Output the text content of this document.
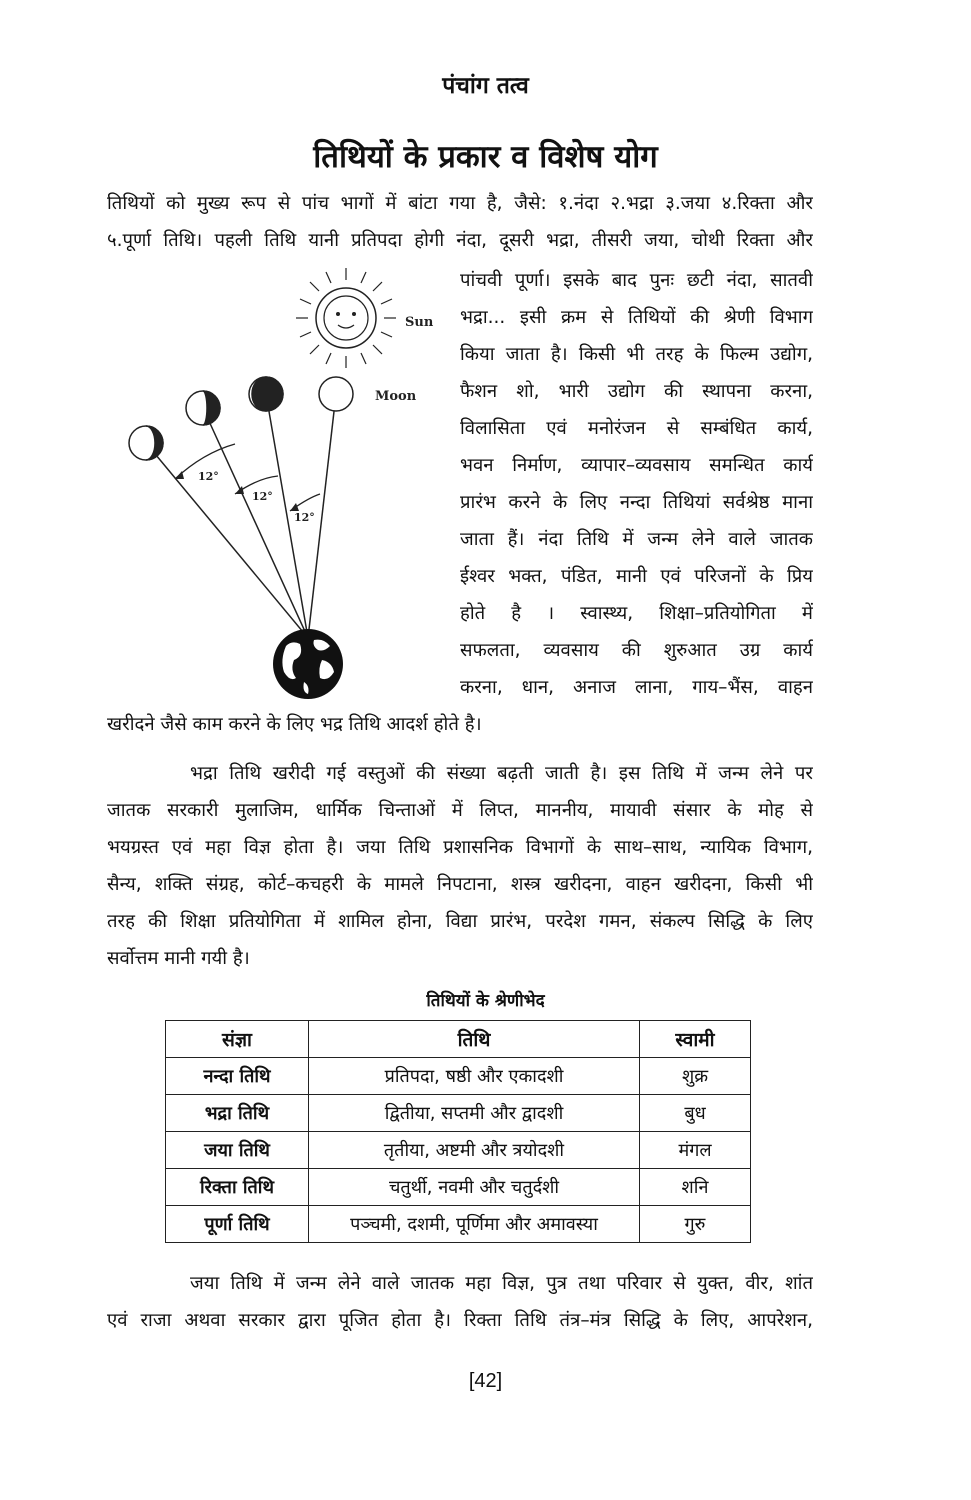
पंचांग तत्व
तिथियों के प्रकार व विशेष योग
तिथियों को मुख्य रूप से पांच भागों में बांटा गया है, जैसे: १.नंदा २.भद्रा ३.जया ४.रिक्ता और
५.पूर्णा तिथि। पहली तिथि यानी प्रतिपदा होगी नंदा, दूसरी भद्रा, तीसरी जया, चोथी रिक्ता और
पांचवी पूर्णा। इसके बाद पुनः छटी नंदा, सातवी
भद्रा... इसी क्रम से तिथियों की श्रेणी विभाग
किया जाता है। किसी भी तरह के फिल्म उद्योग,
फैशन शो, भारी उद्योग की स्थापना करना,
विलासिता एवं मनोरंजन से सम्बंधित कार्य,
भवन निर्माण, व्यापार–व्यवसाय समन्धित कार्य
प्रारंभ करने के लिए नन्दा तिथियां सर्वश्रेष्ठ माना
जाता हैं। नंदा तिथि में जन्म लेने वाले जातक
ईश्वर भक्त, पंडित, मानी एवं परिजनों के प्रिय
होते है । स्वास्थ्य, शिक्षा–प्रतियोगिता में
सफलता, व्यवसाय की शुरुआत उग्र कार्य
करना, धान, अनाज लाना, गाय–भैंस, वाहन
खरीदने जैसे काम करने के लिए भद्र तिथि आदर्श होते है।
Sun
Moon
12°
12°
12°
भद्रा तिथि खरीदी गई वस्तुओं की संख्या बढ़ती जाती है। इस तिथि में जन्म लेने पर
जातक सरकारी मुलाजिम, धार्मिक चिन्ताओं में लिप्त, माननीय, मायावी संसार के मोह से
भयग्रस्त एवं महा विज्ञ होता है। जया तिथि प्रशासनिक विभागों के साथ–साथ, न्यायिक विभाग,
सैन्य, शक्ति संग्रह, कोर्ट–कचहरी के मामले निपटाना, शस्त्र खरीदना, वाहन खरीदना, किसी भी
तरह की शिक्षा प्रतियोगिता में शामिल होना, विद्या प्रारंभ, परदेश गमन, संकल्प सिद्धि के लिए
सर्वोत्तम मानी गयी है।
तिथियों के श्रेणीभेद
संज्ञा	तिथि	स्वामी
नन्दा तिथि	प्रतिपदा, षष्ठी और एकादशी	शुक्र
भद्रा तिथि	द्वितीया, सप्तमी और द्वादशी	बुध
जया तिथि	तृतीया, अष्टमी और त्रयोदशी	मंगल
रिक्ता तिथि	चतुर्थी, नवमी और चतुर्दशी	शनि
पूर्णा तिथि	पञ्चमी, दशमी, पूर्णिमा और अमावस्या	गुरु
जया तिथि में जन्म लेने वाले जातक महा विज्ञ, पुत्र तथा परिवार से युक्त, वीर, शांत
एवं राजा अथवा सरकार द्वारा पूजित होता है। रिक्ता तिथि तंत्र–मंत्र सिद्धि के लिए, आपरेशन,
[42]
